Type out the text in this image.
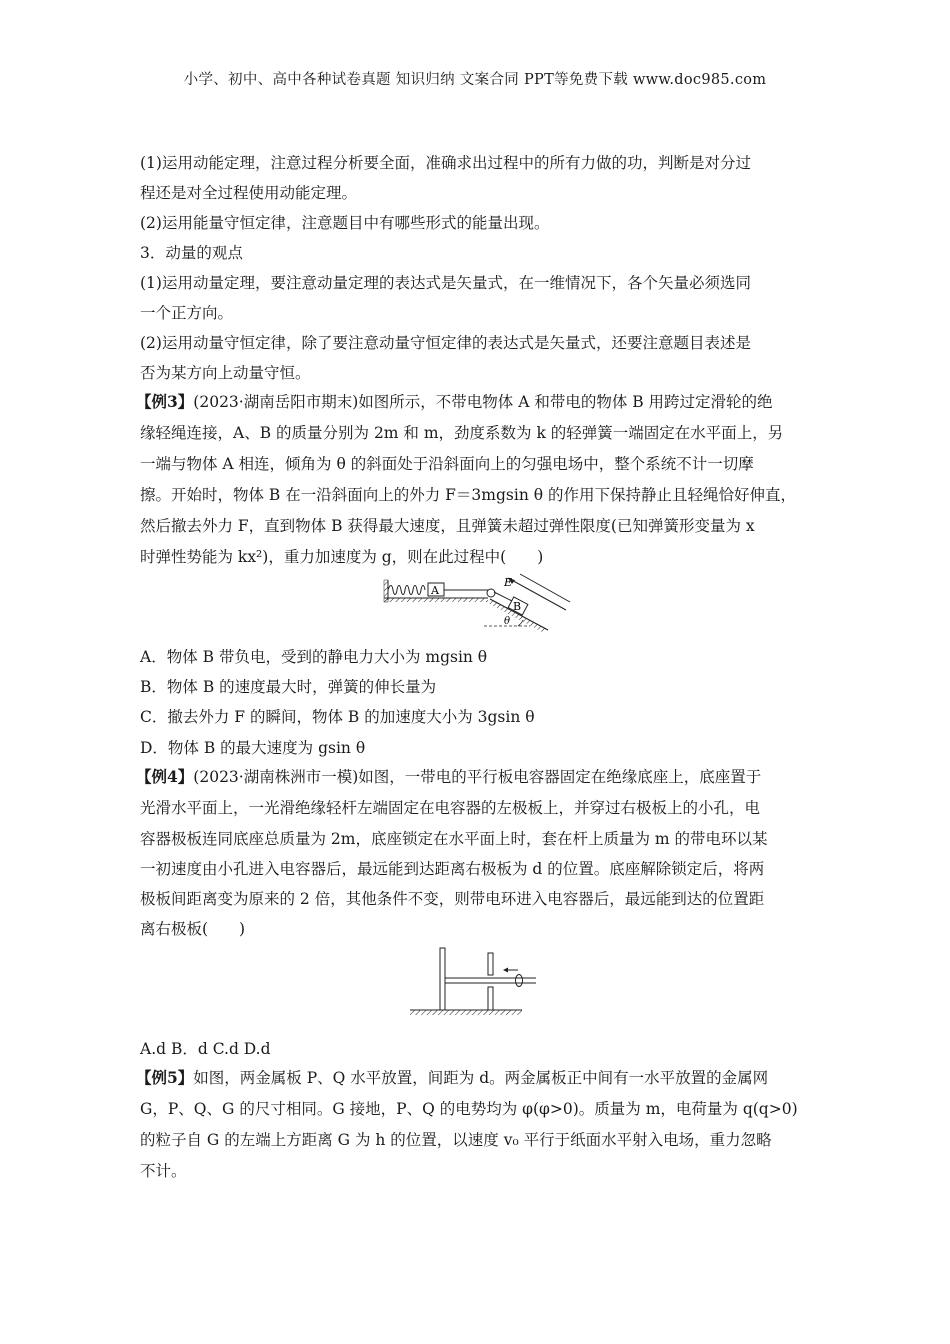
小学、初中、高中各种试卷真题 知识归纳 文案合同 PPT等免费下载 www.doc985.com
(1)运用动能定理，注意过程分析要全面，准确求出过程中的所有力做的功，判断是对分过
程还是对全过程使用动能定理。
(2)运用能量守恒定律，注意题目中有哪些形式的能量出现。
3．动量的观点
(1)运用动量定理，要注意动量定理的表达式是矢量式，在一维情况下，各个矢量必须选同
一个正方向。
(2)运用动量守恒定律，除了要注意动量守恒定律的表达式是矢量式，还要注意题目表述是
否为某方向上动量守恒。
【例3】(2023·湖南岳阳市期末)如图所示，不带电物体 A 和带电的物体 B 用跨过定滑轮的绝
缘轻绳连接，A、B 的质量分别为 2m 和 m，劲度系数为 k 的轻弹簧一端固定在水平面上，另
一端与物体 A 相连，倾角为 θ 的斜面处于沿斜面向上的匀强电场中，整个系统不计一切摩
擦。开始时，物体 B 在一沿斜面向上的外力 F＝3mgsin θ 的作用下保持静止且轻绳恰好伸直，
然后撤去外力 F，直到物体 B 获得最大速度，且弹簧未超过弹性限度(已知弹簧形变量为 x
时弹性势能为 kx²)，重力加速度为 g，则在此过程中(　　)
A
B
E
θ
A．物体 B 带负电，受到的静电力大小为 mgsin θ
B．物体 B 的速度最大时，弹簧的伸长量为
C．撤去外力 F 的瞬间，物体 B 的加速度大小为 3gsin θ
D．物体 B 的最大速度为 gsin θ
【例4】(2023·湖南株洲市一模)如图，一带电的平行板电容器固定在绝缘底座上，底座置于
光滑水平面上，一光滑绝缘轻杆左端固定在电容器的左极板上，并穿过右极板上的小孔，电
容器极板连同底座总质量为 2m，底座锁定在水平面上时，套在杆上质量为 m 的带电环以某
一初速度由小孔进入电容器后，最远能到达距离右极板为 d 的位置。底座解除锁定后，将两
极板间距离变为原来的 2 倍，其他条件不变，则带电环进入电容器后，最远能到达的位置距
离右极板(　　)
A.d B．d C.d D.d
【例5】如图，两金属板 P、Q 水平放置，间距为 d。两金属板正中间有一水平放置的金属网
G，P、Q、G 的尺寸相同。G 接地，P、Q 的电势均为 φ(φ>0)。质量为 m，电荷量为 q(q>0)
的粒子自 G 的左端上方距离 G 为 h 的位置，以速度 v₀ 平行于纸面水平射入电场，重力忽略
不计。
